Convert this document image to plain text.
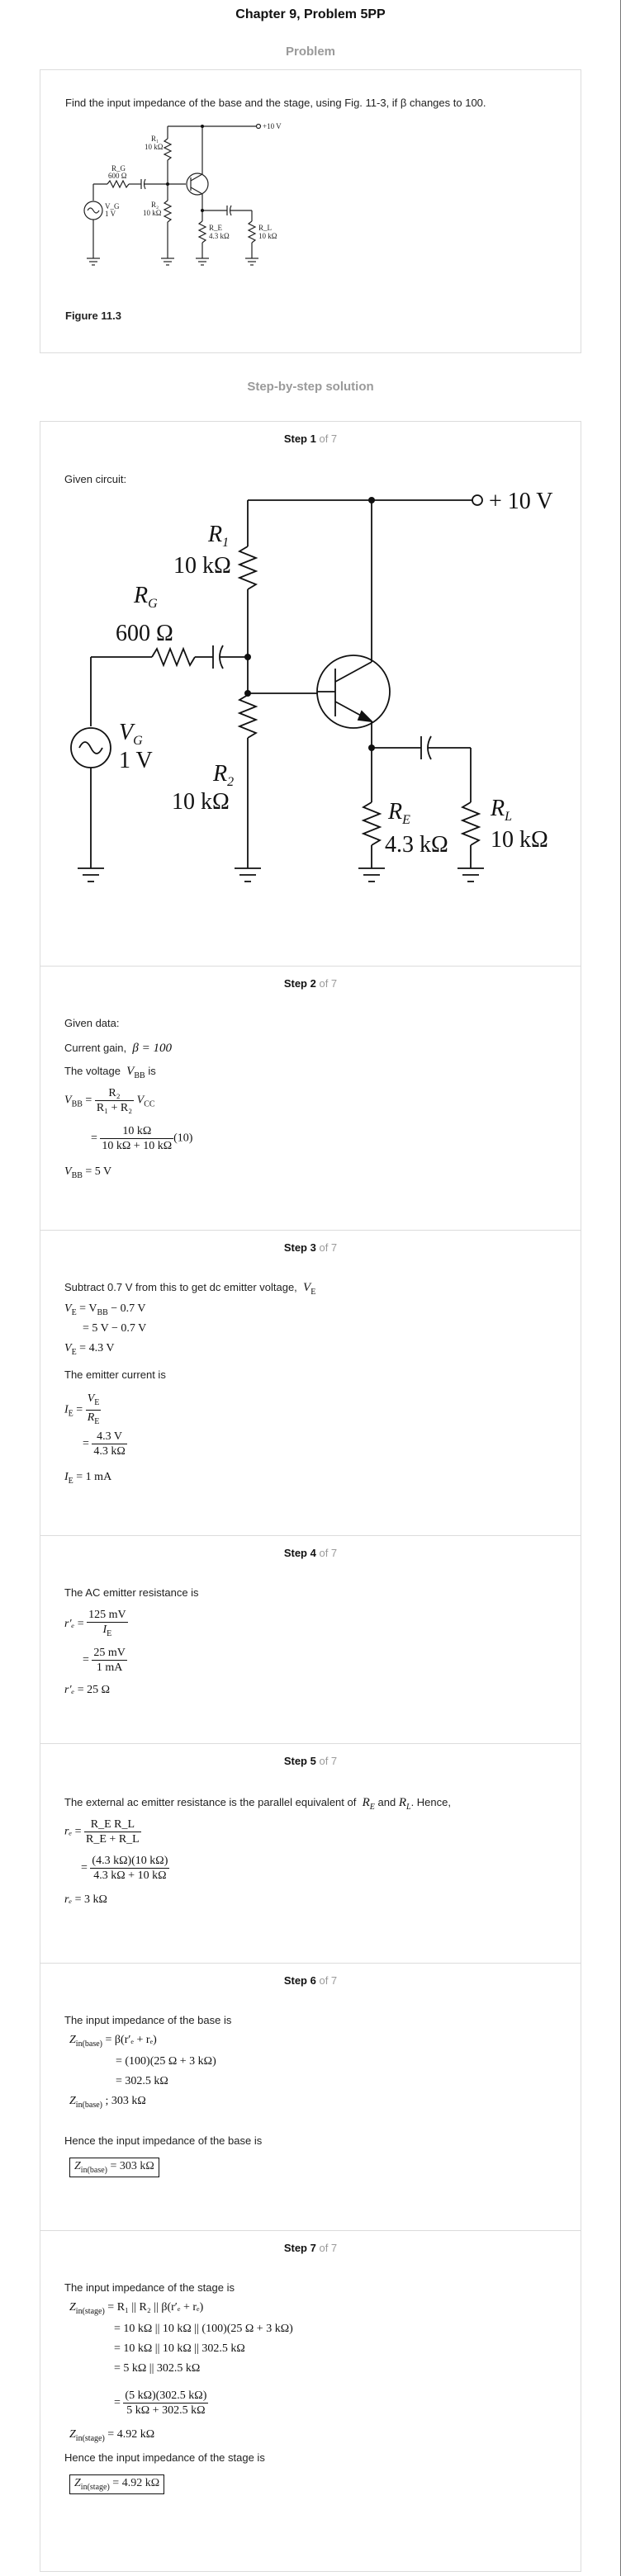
Chapter 9, Problem 5PP
Problem
Find the input impedance of the base and the stage, using Fig. 11-3, if β changes to 100.
+10 V
R₁
10 kΩ
R_G
600 Ω
V_G
1 V
R₂
10 kΩ
R_E
4.3 kΩ
R_L
10 kΩ
Figure 11.3
Step-by-step solution
Step 1 of 7
Given circuit:
+ 10 V
$R_1$
10 kΩ
$R_G$
600 Ω
$V_G$
1 V
$R_2$
10 kΩ	$R_E$
4.3 kΩ
$R_L$
10 kΩ
Step 2 of 7
Given data:
Current gain, β = 100
The voltage $V_{BB}$ is
$V_{BB} = \frac{\text{R₂}}{\text{R₁ + R₂}} V_{CC}$
= $\frac{10 k\Omega}{10 k\Omega + 10 k\Omega} (10)$
$V_{BB} = 5$ V
Step 3 of 7
Subtract 0.7 V from this to get dc emitter voltage, $V_E$
$V_E = V_{BB} - 0.7$ V
= 5 V − 0.7 V
$V_E = 4.3$ V
The emitter current is
$I_E = \frac{V_E}{R_E}$
= $\frac{4.3 V}{4.3 k\Omega}$
$I_E = 1$ mA
Step 4 of 7
The AC emitter resistance is
$r'_e = \frac{125 mV}{I_E}$
= $\frac{25 mV}{1 mA}$
r′ₑ = 25 Ω
Step 5 of 7
The external ac emitter resistance is the parallel equivalent of $R_E$ and $R_L$. Hence,
$r_e = \frac{\text{R\_E R\_L}}{R\_E + R\_L}$
= $\frac{(4.3 k\Omega)(10 k\Omega)}{4.3 k\Omega + 10 k\Omega}$
rₑ = 3 kΩ
Step 6 of 7
The input impedance of the base is
$Z_{in(base)} = \beta(r'_e + r_e)$
= (100)(25 Ω + 3 kΩ)
= 302.5 kΩ
$Z_{in(base)}$ ; 303 kΩ
Hence the input impedance of the base is
$Z_{in(base)} = 303$ kΩ
Step 7 of 7
The input impedance of the stage is
$Z_{in(stage)} = R_1$ || R₂ || β(r′ₑ + rₑ)
= 10 kΩ || 10 kΩ || (100)(25 Ω + 3 kΩ)
= 10 kΩ || 10 kΩ || 302.5 kΩ
= 5 kΩ || 302.5 kΩ
= $\frac{(5 k\Omega)(302.5 k\Omega)}{5 k\Omega + 302.5 k\Omega}$
$Z_{in(stage)} = 4.92$ kΩ
Hence the input impedance of the stage is
$Z_{in(stage)} = 4.92$ kΩ
